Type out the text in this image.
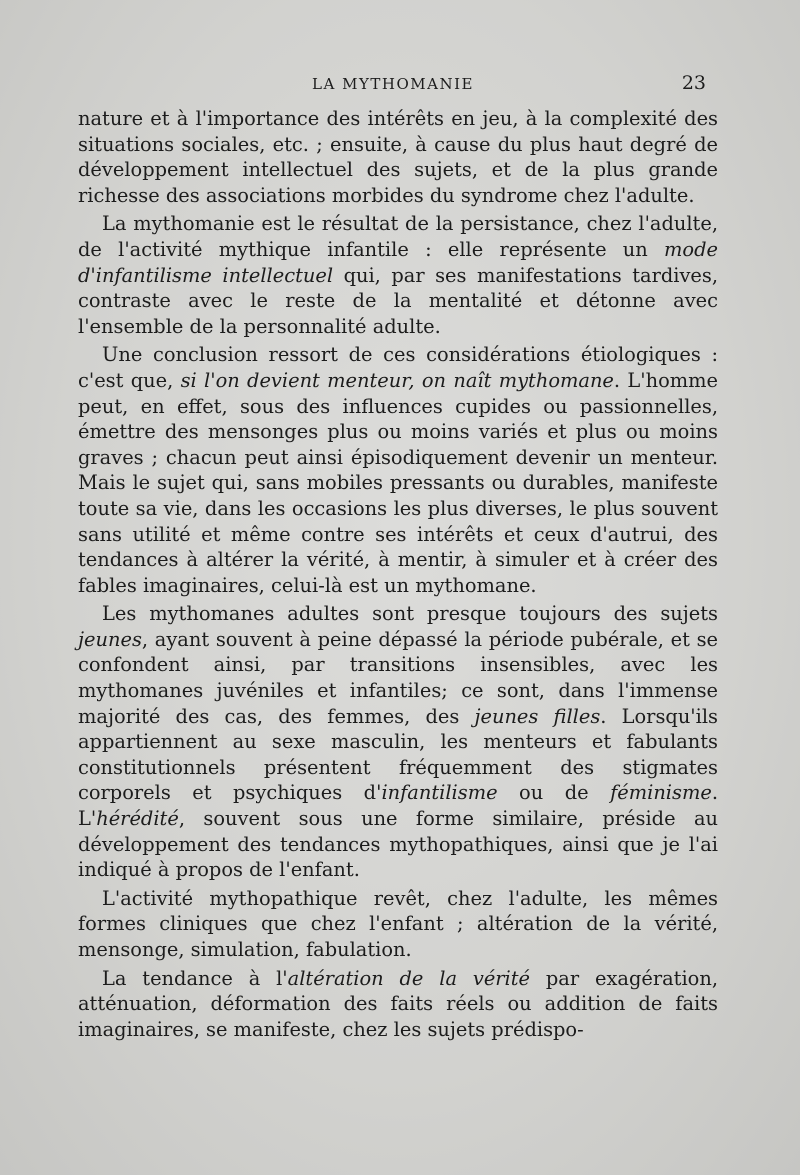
LA MYTHOMANIE	23

nature et à l'importance des intérêts en jeu, à la complexité des situations sociales, etc. ; ensuite, à cause du plus haut degré de développement intellectuel des sujets, et de la plus grande richesse des associations morbides du syndrome chez l'adulte.

La mythomanie est le résultat de la persistance, chez l'adulte, de l'activité mythique infantile : elle représente un mode d'infantilisme intellectuel qui, par ses manifestations tardives, contraste avec le reste de la mentalité et détonne avec l'ensemble de la personnalité adulte.

Une conclusion ressort de ces considérations étiologiques : c'est que, si l'on devient menteur, on naît mythomane. L'homme peut, en effet, sous des influences cupides ou passionnelles, émettre des mensonges plus ou moins variés et plus ou moins graves ; chacun peut ainsi épisodiquement devenir un menteur. Mais le sujet qui, sans mobiles pressants ou durables, manifeste toute sa vie, dans les occasions les plus diverses, le plus souvent sans utilité et même contre ses intérêts et ceux d'autrui, des tendances à altérer la vérité, à mentir, à simuler et à créer des fables imaginaires, celui-là est un mythomane.

Les mythomanes adultes sont presque toujours des sujets jeunes, ayant souvent à peine dépassé la période pubérale, et se confondent ainsi, par transitions insensibles, avec les mythomanes juvéniles et infantiles; ce sont, dans l'immense majorité des cas, des femmes, des jeunes filles. Lorsqu'ils appartiennent au sexe masculin, les menteurs et fabulants constitutionnels présentent fréquemment des stigmates corporels et psychiques d'infantilisme ou de féminisme. L'hérédité, souvent sous une forme similaire, préside au développement des tendances mythopathiques, ainsi que je l'ai indiqué à propos de l'enfant.

L'activité mythopathique revêt, chez l'adulte, les mêmes formes cliniques que chez l'enfant ; altération de la vérité, mensonge, simulation, fabulation.

La tendance à l'altération de la vérité par exagération, atténuation, déformation des faits réels ou addition de faits imaginaires, se manifeste, chez les sujets prédispo-
